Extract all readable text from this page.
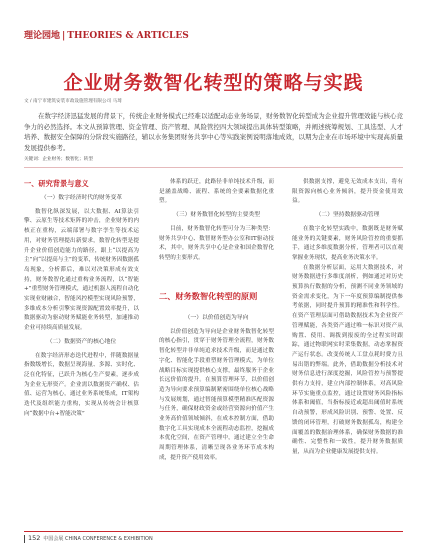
理论园地 | THEORIES & ARTICLES
企业财务数智化转型的策略与实践
文 / 南宁市建筑安装市政设施管理有限公司 马琦
在数字经济迅猛发展的背景下，传统企业财务模式已经难以适配动态业务场景，财务数智化转型成为企业提升管理效能与核心竞争力的必然选择。本文从预算管理、资金管理、资产管理、风险管控四大领域提出具体转型策略，并阐述统筹规划、工具选型、人才培养、数据安全保障的分阶段实施路径，辅以水务集团财务共享中心等实践案例说明落地成效，以期为企业在市场环境中实现高质量发展提供参考。
关键词：企业财务；数智化；转型

一、研究背景与意义

（一）数字经济时代的财务变革

数智化纵深发展，以大数据、AI算法引擎、云原生等技术矩阵的冲击，企业财务的内核正在重构，云端部署与数字孪生等技术运用，对财务管理提出新要求，数智化转型是提升企业价值创造能力的路径，跟上“以提高为主”向“以提高与主”的变革，传统财务因数据孤岛现象，分析滞后，难以对决策形成有效支持，财务数智化通过重构业务流程，以“智能+”重塑财务管理模式，通过机器人流程自动化实现业财融合，智能风控模型实现风险预警，多维成本分析引擎实现资源配置效率提升，以数据驱动为驱动财务赋能业务转型，加速推动企业可持续高质量发展。

（二）数据资产的核心地位

在数字经济形态迭代进程中，伴随数据量指数级增长，数据呈现海量、多源、实时化、泛在化特征，已跃升为核心生产要素，逐步成为企业无形资产。企业需以数据资产确权、估值、运营为核心，通过业务系统集成，IT架构迭代及组织能力重构，实现从传统会计核算向“数据中台+智能决策”

体系的跃迁，此路径非单纯技术升级，而是涵盖战略、流程、系统的全要素数据化重塑。

（三）财务数智化转型的主要类型

目前，财务数智化转型可分为三种类型：财务共享中心、数智财务型办公室和IT驱动技术，其中，财务共享中心是企业和国企数智化转型的主要形式。

二、财务数智化转型的原则

（一）以价值创造为导向

以价值创造为导向是企业财务数智化转型的核心指引，贯穿于财务管理全流程，财务数智化转型并非单纯追求技术升级，而是通过数字化、智能化手段重塑财务管理模式，为单位战略目标实现提供核心支撑，最终服务于企业长远价值的提升。在预算管理环节，以价值创造为导向要求预算编制紧密围绕单位核心战略与发展规划，通过智能预算模型精准匹配资源与任务，确保财政资金或经营资源向价值产生业务高价值领域倾斜，在成本控制方面，借助数字化工具实现成本全流程动态监控，挖掘成本优化空间，在资产管理中，通过建立全生命周期管理体系，清晰呈现各业务环节成本构成，提升资产使用效率。

供数据支撑，避免无效成本支出，将有限资源向核心业务倾斜，提升资金使用效益。

（二）坚持数据驱动管理

在数字化转型实践中，数据既是财务赋能业务的关键要素，财务风险管控的重要抓手，通过多维度数据分析，管理者可以直观掌握业务现状，提高业务决策水平。

在数据分析层面，运用大数据技术，对财务数据进行多维度剖析，例如通过对历史预算执行数据的分析，预测不同业务领域的资金需求变化，为下一年度预算编制提供参考依据，同时提升预算的精准性和科学性。在资产管理层面可借助数据技术为企业资产管理赋能，各类资产通过唯一标识对资产从购置、使用、调拨到报废的全过程实时跟踪，通过物联网实时采集数据，动态掌握资产运行状态。改变传统人工盘点耗时费力且易出错的弊端。此外，借助数据分析技术对财务信息进行深度挖掘，风险管控与预警提供有力支持，建立内部控制体系，对高风险环节实施重点监控，通过设置财务风险指标体系和阈值，当指标接近或超出阈值时系统自动预警，形成风险识别、预警、处置、反馈的闭环管理，打破财务数据孤岛，构建全面覆盖的数据治理体系，确保财务数据的准确性、完整性和一致性，提升财务数据质量，从而为企业健康发展提供支持。

152 中国会展 CHINA CONFERENCE & EXHIBITION
